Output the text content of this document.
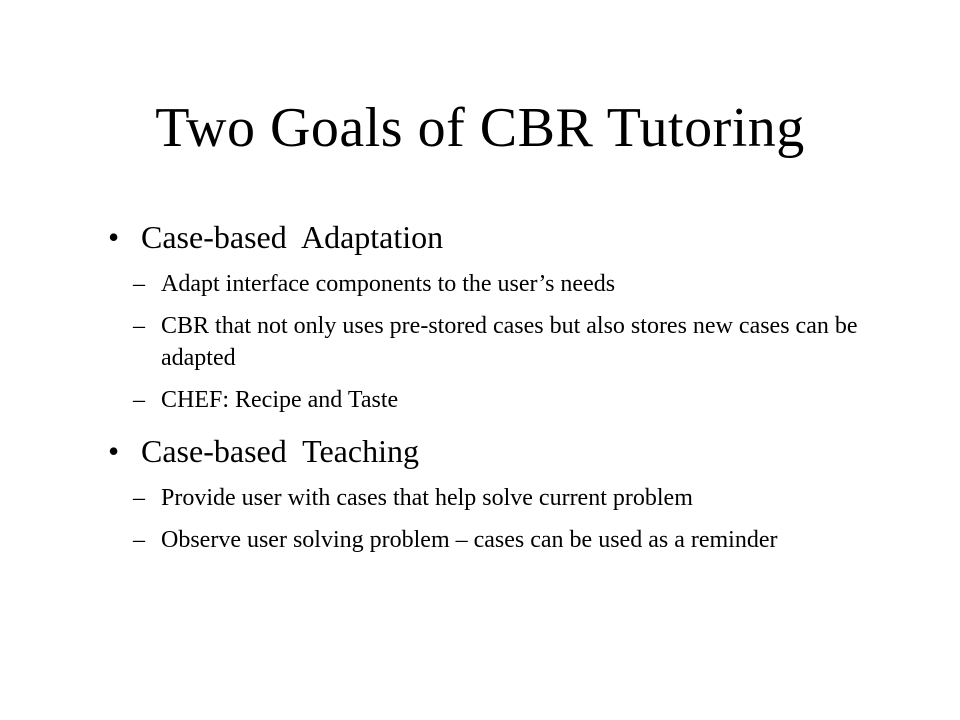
Two Goals of CBR Tutoring
• Case-based  Adaptation
– Adapt interface components to the user’s needs
– CBR that not only uses pre-stored cases but also stores new cases can be adapted
– CHEF: Recipe and Taste
• Case-based  Teaching
– Provide user with cases that help solve current problem
– Observe user solving problem – cases can be used as a reminder
